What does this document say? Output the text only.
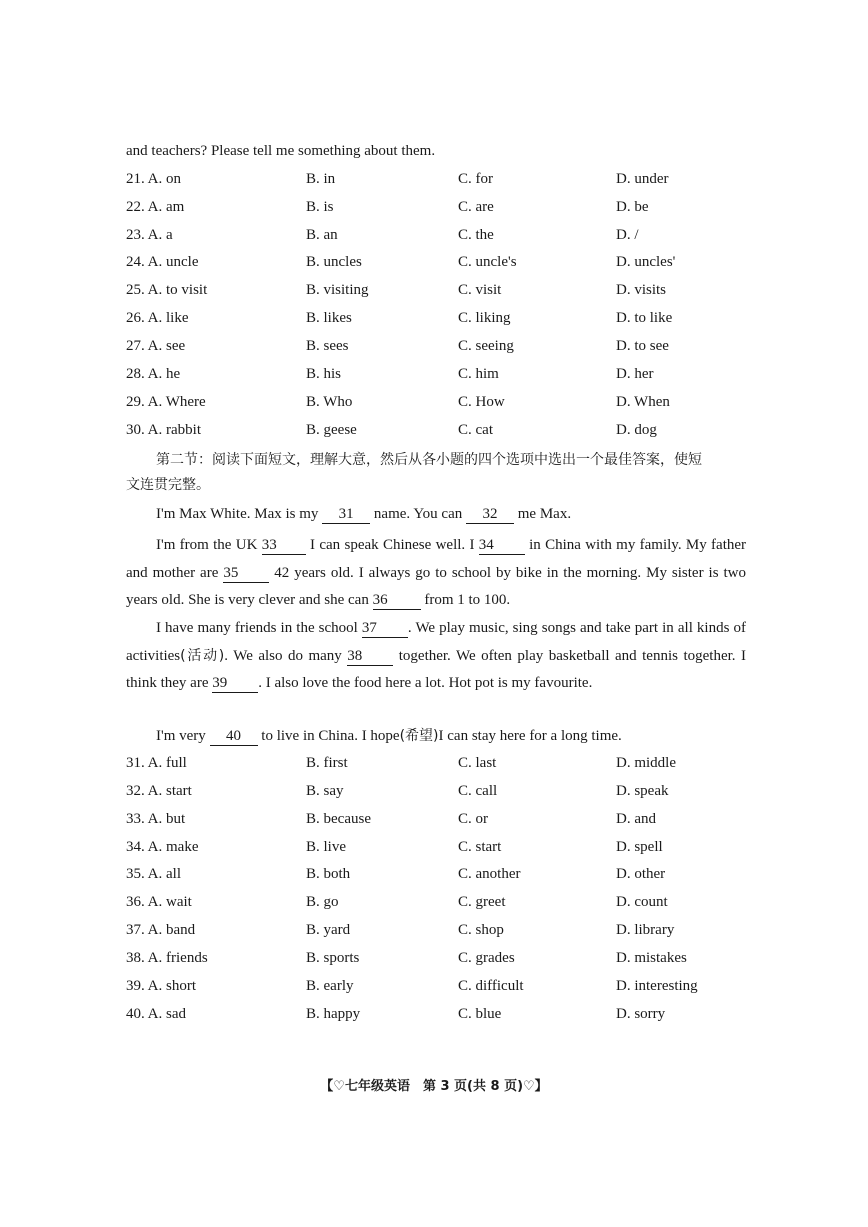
and teachers? Please tell me something about them.
21. A. on	B. in	C. for	D. under
22. A. am	B. is	C. are	D. be
23. A. a	B. an	C. the	D. /
24. A. uncle	B. uncles	C. uncle's	D. uncles'
25. A. to visit	B. visiting	C. visit	D. visits
26. A. like	B. likes	C. liking	D. to like
27. A. see	B. sees	C. seeing	D. to see
28. A. he	B. his	C. him	D. her
29. A. Where	B. Who	C. How	D. When
30. A. rabbit	B. geese	C. cat	D. dog
第二节：阅读下面短文，理解大意，然后从各小题的四个选项中选出一个最佳答案，使短
文连贯完整。
I'm Max White. Max is my 31 name. You can 32 me Max.
I'm from the UK 33 I can speak Chinese well. I 34 in China with my family. My father and mother are 35 42 years old. I always go to school by bike in the morning. My sister is two years old. She is very clever and she can 36 from 1 to 100.
I have many friends in the school 37 . We play music, sing songs and take part in all kinds of activities(活动). We also do many 38 together. We often play basketball and tennis together. I think they are 39 . I also love the food here a lot. Hot pot is my favourite.
I'm very 40 to live in China. I hope(希望)I can stay here for a long time.
31. A. full	B. first	C. last	D. middle
32. A. start	B. say	C. call	D. speak
33. A. but	B. because	C. or	D. and
34. A. make	B. live	C. start	D. spell
35. A. all	B. both	C. another	D. other
36. A. wait	B. go	C. greet	D. count
37. A. band	B. yard	C. shop	D. library
38. A. friends	B. sports	C. grades	D. mistakes
39. A. short	B. early	C. difficult	D. interesting
40. A. sad	B. happy	C. blue	D. sorry
【♡七年级英语　第 3 页(共 8 页)♡】
